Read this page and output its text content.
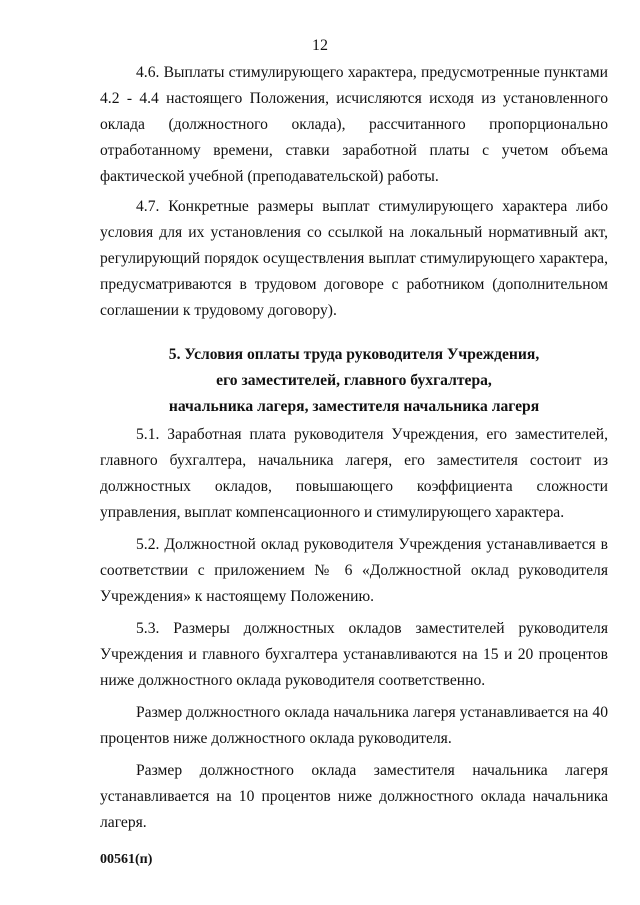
12

4.6. Выплаты стимулирующего характера, предусмотренные пунктами 4.2 - 4.4 настоящего Положения, исчисляются исходя из установленного оклада (должностного оклада), рассчитанного пропорционально отработанному времени, ставки заработной платы с учетом объема фактической учебной (преподавательской) работы.

4.7. Конкретные размеры выплат стимулирующего характера либо условия для их установления со ссылкой на локальный нормативный акт, регулирующий порядок осуществления выплат стимулирующего характера, предусматриваются в трудовом договоре с работником (дополнительном соглашении к трудовому договору).

5. Условия оплаты труда руководителя Учреждения,
его заместителей, главного бухгалтера,
начальника лагеря, заместителя начальника лагеря

5.1. Заработная плата руководителя Учреждения, его заместителей, главного бухгалтера, начальника лагеря, его заместителя состоит из должностных окладов, повышающего коэффициента сложности управления, выплат компенсационного и стимулирующего характера.

5.2. Должностной оклад руководителя Учреждения устанавливается в соответствии с приложением № 6 «Должностной оклад руководителя Учреждения» к настоящему Положению.

5.3. Размеры должностных окладов заместителей руководителя Учреждения и главного бухгалтера устанавливаются на 15 и 20 процентов ниже должностного оклада руководителя соответственно.

Размер должностного оклада начальника лагеря устанавливается на 40 процентов ниже должностного оклада руководителя.

Размер должностного оклада заместителя начальника лагеря устанавливается на 10 процентов ниже должностного оклада начальника лагеря.

00561(п)
